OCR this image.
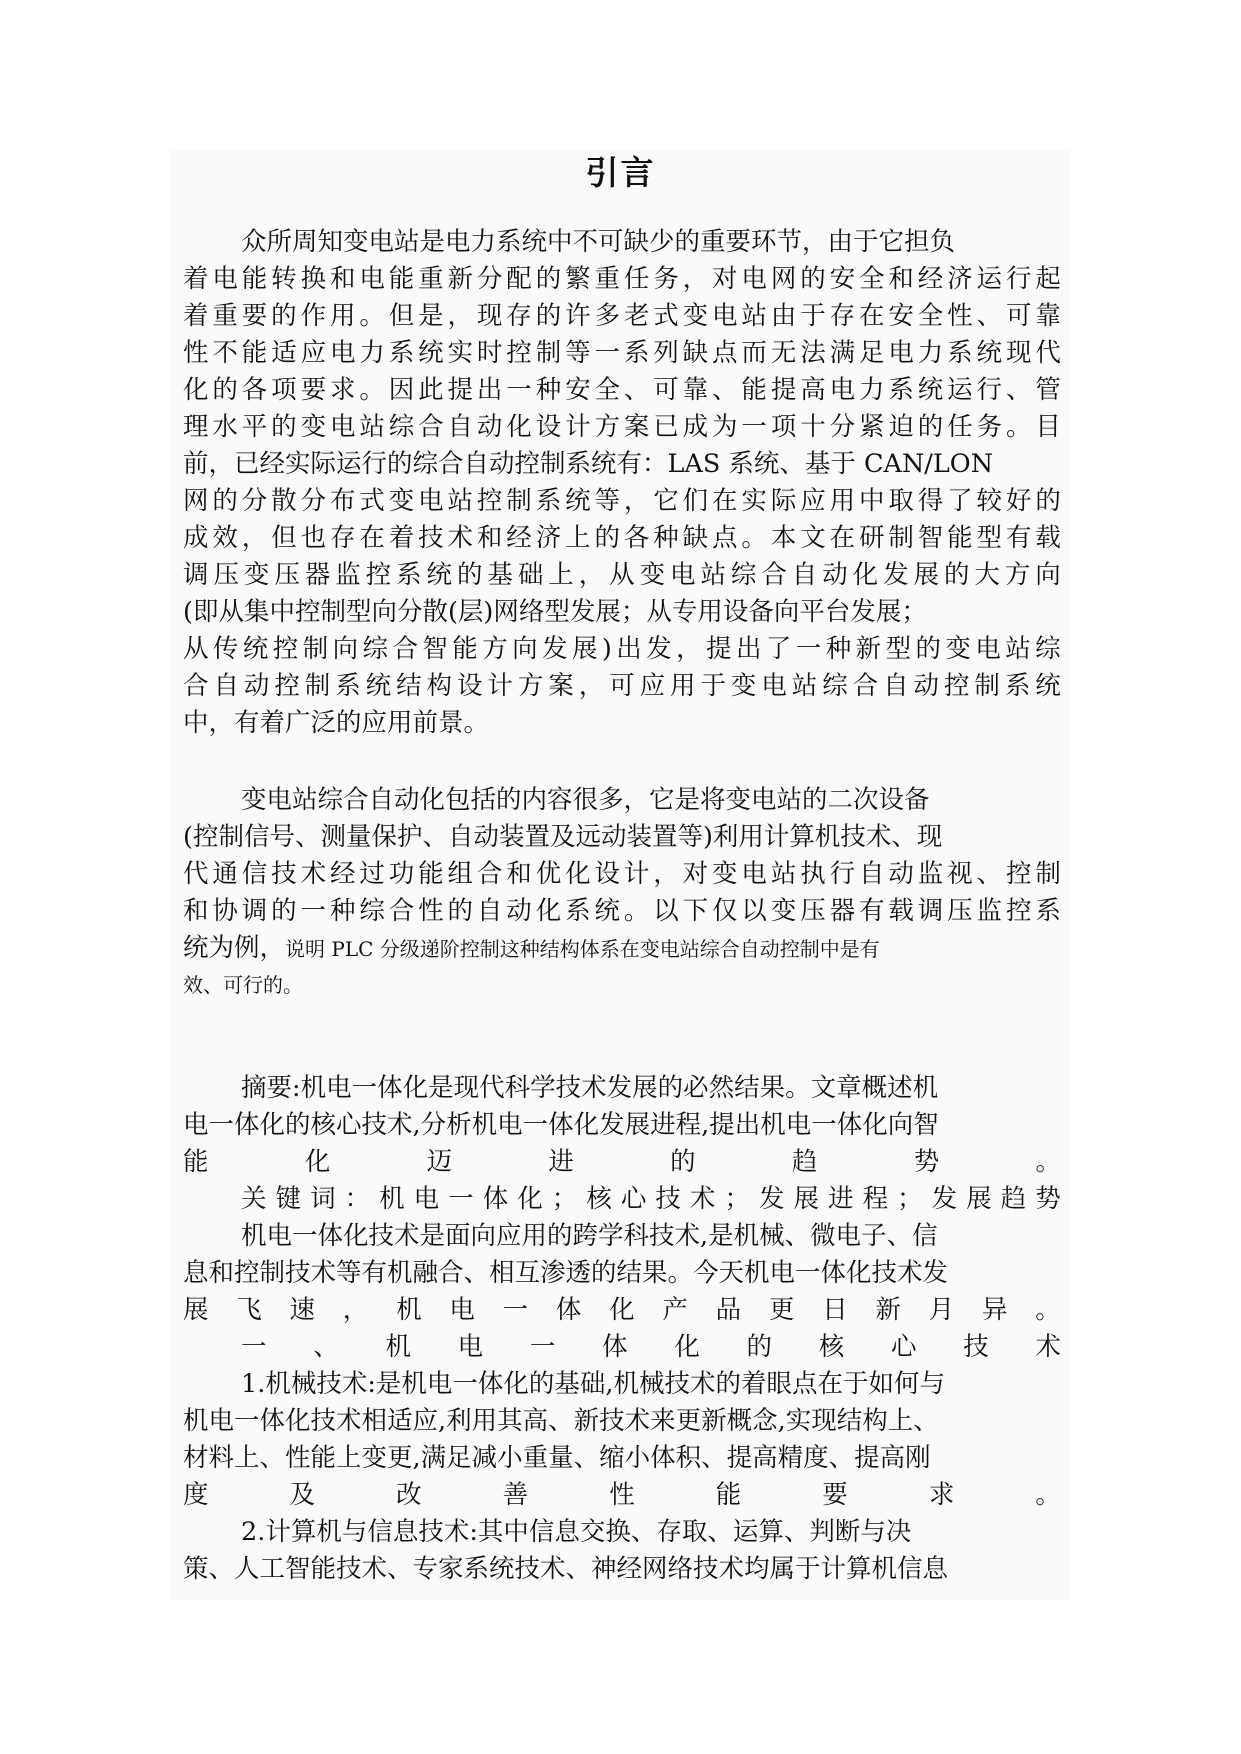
引言
众所周知变电站是电力系统中不可缺少的重要环节，由于它担负
着 电 能 转 换 和 电 能 重 新 分 配 的 繁 重 任 务 ， 对 电 网 的 安 全 和 经 济 运 行 起
着 重 要 的 作 用 。 但 是 ， 现 存 的 许 多 老 式 变 电 站 由 于 存 在 安 全 性 、 可 靠
性 不 能 适 应 电 力 系 统 实 时 控 制 等 一 系 列 缺 点 而 无 法 满 足 电 力 系 统 现 代
化 的 各 项 要 求 。 因 此 提 出 一 种 安 全 、 可 靠 、 能 提 高 电 力 系 统 运 行 、 管
理 水 平 的 变 电 站 综 合 自 动 化 设 计 方 案 已 成 为 一 项 十 分 紧 迫 的 任 务 。 目
前，已经实际运行的综合自动控制系统有：LAS 系统、基于 CAN/LON
网 的 分 散 分 布 式 变 电 站 控 制 系 统 等 ， 它 们 在 实 际 应 用 中 取 得 了 较 好 的
成 效 ， 但 也 存 在 着 技 术 和 经 济 上 的 各 种 缺 点 。 本 文 在 研 制 智 能 型 有 载
调 压 变 压 器 监 控 系 统 的 基 础 上 ， 从 变 电 站 综 合 自 动 化 发 展 的 大 方 向
(即从集中控制型向分散(层)网络型发展；从专用设备向平台发展；
从 传 统 控 制 向 综 合 智 能 方 向 发 展 ) 出 发 ， 提 出 了 一 种 新 型 的 变 电 站 综
合 自 动 控 制 系 统 结 构 设 计 方 案 ， 可 应 用 于 变 电 站 综 合 自 动 控 制 系 统
中，有着广泛的应用前景。
变电站综合自动化包括的内容很多，它是将变电站的二次设备
(控制信号、测量保护、自动装置及远动装置等)利用计算机技术、现
代 通 信 技 术 经 过 功 能 组 合 和 优 化 设 计 ， 对 变 电 站 执 行 自 动 监 视 、 控 制
和 协 调 的 一 种 综 合 性 的 自 动 化 系 统 。 以 下 仅 以 变 压 器 有 载 调 压 监 控 系
统为例，说明 PLC 分级递阶控制这种结构体系在变电站综合自动控制中是有
效、可行的。
摘要:机电一体化是现代科学技术发展的必然结果。文章概述机
电一体化的核心技术,分析机电一体化发展进程,提出机电一体化向智
能	化	迈	进	的	趋	势	。
关 键 词 ： 机 电 一 体 化 ； 核 心 技 术 ； 发 展 进 程 ； 发 展 趋 势
机电一体化技术是面向应用的跨学科技术,是机械、微电子、信
息和控制技术等有机融合、相互渗透的结果。今天机电一体化技术发
展 飞 速 ， 机 电 一 体 化 产 品 更 日 新 月 异 。
一 、 机 电 一 体 化 的 核 心 技 术
1.机械技术:是机电一体化的基础,机械技术的着眼点在于如何与
机电一体化技术相适应,利用其高、新技术来更新概念,实现结构上、
材料上、性能上变更,满足减小重量、缩小体积、提高精度、提高刚
度	及	改	善	性	能	要	求	。
2.计算机与信息技术:其中信息交换、存取、运算、判断与决
策、人工智能技术、专家系统技术、神经网络技术均属于计算机信息
